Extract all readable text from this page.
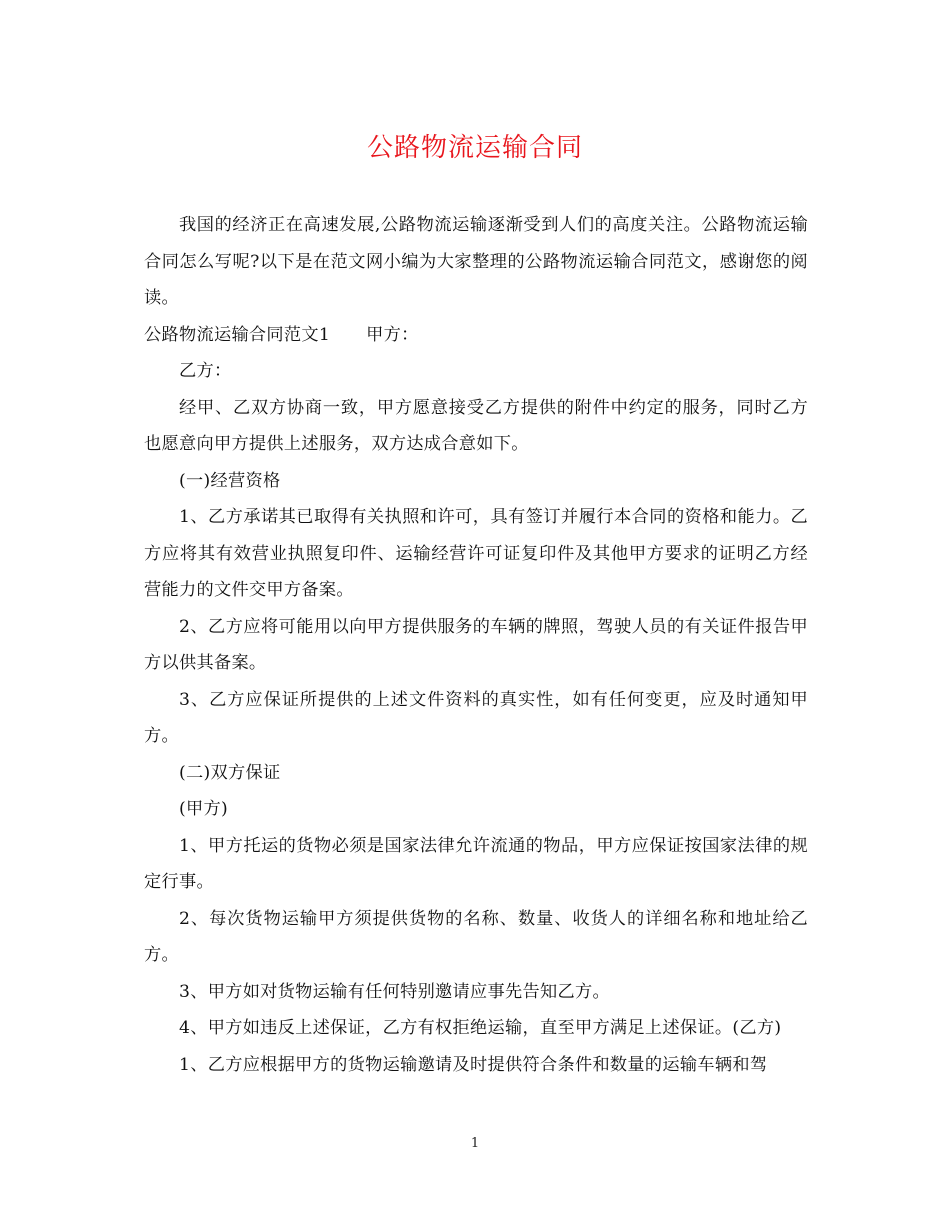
公路物流运输合同

我国的经济正在高速发展,公路物流运输逐渐受到人们的高度关注。公路物流运输合同怎么写呢?以下是在范文网小编为大家整理的公路物流运输合同范文，感谢您的阅读。

公路物流运输合同范文1 甲方：

乙方：

经甲、乙双方协商一致，甲方愿意接受乙方提供的附件中约定的服务，同时乙方也愿意向甲方提供上述服务，双方达成合意如下。

(一)经营资格

1、乙方承诺其已取得有关执照和许可，具有签订并履行本合同的资格和能力。乙方应将其有效营业执照复印件、运输经营许可证复印件及其他甲方要求的证明乙方经营能力的文件交甲方备案。

2、乙方应将可能用以向甲方提供服务的车辆的牌照，驾驶人员的有关证件报告甲方以供其备案。

3、乙方应保证所提供的上述文件资料的真实性，如有任何变更，应及时通知甲方。

(二)双方保证

(甲方)

1、甲方托运的货物必须是国家法律允许流通的物品，甲方应保证按国家法律的规定行事。

2、每次货物运输甲方须提供货物的名称、数量、收货人的详细名称和地址给乙方。

3、甲方如对货物运输有任何特别邀请应事先告知乙方。

4、甲方如违反上述保证，乙方有权拒绝运输，直至甲方满足上述保证。(乙方)

1、乙方应根据甲方的货物运输邀请及时提供符合条件和数量的运输车辆和驾

1
